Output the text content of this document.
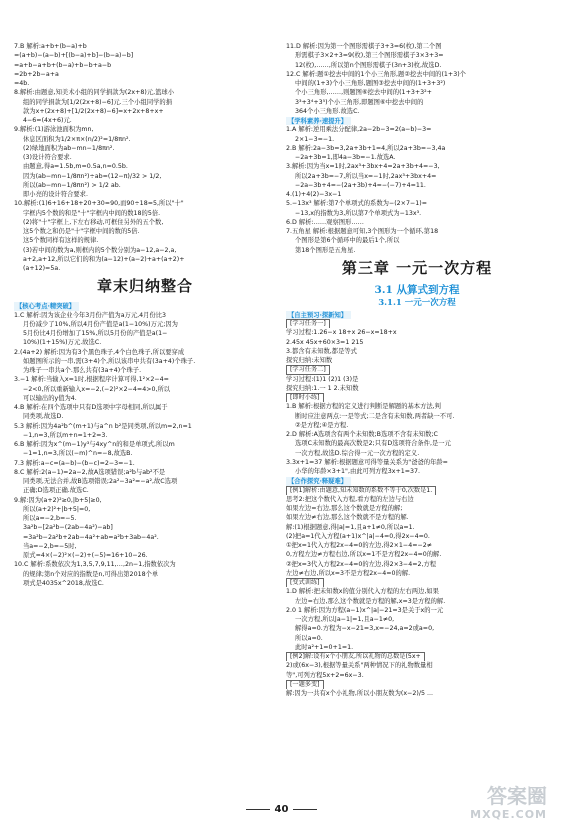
7.B 解析:a+b+(b−a)+b
=(a+b)−(a−b)+[(b−a)+b]−(b−a)−b]
=a+b−a+b+(b−a)+b−b+a−b
=2b+2b−a+a
=4b.
8.解析:由题意,知美术小组的同学捐款为(2x+8)元,篮球小
组的同学捐款为[1/2(2x+8)−6]元.三个小组同学的捐
款为x+(2x+8)+[1/2(2x+8)−6]=x+2x+8+x+
4−6=(4x+6)元.
9.解析:(1)游泳池面积为mn,
休息区面积为1/2×π×(n/2)²=1/8πn².
(2)绿地面积为ab−mn−1/8πn².
(3)设计符合要求.
由题意,得a=1.5b,m=0.5a,n=0.5b.
因为(ab−mn−1/8πn²)÷ab=(12−π)/32 > 1/2,
所以(ab−mn−1/8πn²) > 1/2 ab.
即小亮的设计符合要求.
10.解析:(1)6+16+18+20+30=90,而90÷18=5,所以"十"
字框内5个数的和是"十"字框内中间的数18的5倍.
(2)将"十"字框上,下左右移动,可框住另外的五个数,
这5个数之和仍是"十"字框中间的数的5倍.
这5个数同样有这样的规律.
(3)若中间的数为a,则框内的5个数分别为a−12,a−2,a,
a+2,a+12,所以它们的和为(a−12)+(a−2)+a+(a+2)+
(a+12)=5a.
章末归纳整合
【核心考点·精突破】
1.C 解析:因为该企业今年3月份产值为a万元,4月份比3
月份减少了10%,所以4月份产值是a(1−10%)万元;因为
5月份比4月份增加了15%,所以5月份的产值是a(1−
10%)(1+15%)万元.故选C.
2.(4a+2) 解析:因为有3个黑色珠子,4个白色珠子,所以要穿成
如题图所示的一串,需(3+4)个,所以该串中共有(3a+4)个珠子.
为珠子一串共a个.那么共有(3a+4)个珠子.
3.−1 解析:当输入x=1时,根据程序计算可得,1²×2−4=
−2<0,所以重新输入x=−2,(−2)²×2−4=4>0,所以
可以输出的y值为4.
4.B 解析:在四个选项中只有D选项中字母相同,所以属于
同类项,故选D.
5.3 解析:因为4a²b^(m+1)与a^n b²是同类项,所以m=2,n=1
−1,n=3,所以m+n=1+2=3.
6.B 解析:因为x^(m−1)y³与4xy^n的和是单项式,所以m
−1=1,n=3,所以(−m)^n=−8,故选B.
7.3 解析:a−c=(a−b)−(b−c)=2−3=−1.
8.C 解析:2(a−1)=2a−2,故A选项错误;a²b与ab²不是
同类项,无法合并,故B选项错误;2a²−3a²=−a²,故C选项
正确;D选项正确.故选C.
9.解:因为(a+2)²≥0,|b+5|≥0,
所以(a+2)²+|b+5|=0,
所以a=−2,b=−5.
3a²b−[2a²b−(2ab−4a²)−ab]
=3a²b−2a²b+2ab−4a²+ab=a²b+3ab−4a².
当a=−2,b=−5时,
原式=4×(−2)²×(−2)+(−5)=16+10−26.
10.C 解析:系数依次为1,3,5,7,9,11,…,2n−1,指数依次为
的规律;第n个对应的指数是n,可得出第2018个单
项式是4035x^2018,故选C.
11.D 解析:因为第一个图形需棋子3+3=6(枚),第二个图
形需棋子3×2+3=9(枚),第三个图形需棋子3×3+3=
12(枚),……,所以第n个图形需棋子(3n+3)枚,故选D.
12.C 解析:题①挖去中间的1个小三角形,题②挖去中间的(1+3)个
中间的(1+3)个小三角形,题图③挖去中间的(1+3+3²)
个小三角形,……,则题图⑥挖去中间的(1+3+3²+
3³+3⁴+3⁵)个小三角形,即题图⑥中挖去中间的
364个小三角形.故选C.
【学科素养·速提升】
1.A 解析:逆用乘法分配律,2a−2b−3=2(a−b)−3=
2×1−3=−1.
2.B 解析:2a−3b=3,2a+3b+1=4,所以2a+3b=−3,4a
−2a+3b=1,即4a−3b=−1.故选A.
3.解析:因为当x=1时,2ax³+3bx+4=2a+3b+4=−3,
所以2a+3b=−7,所以当x=−1时,2ax³+3bx+4=
−2a−3b+4=−(2a+3b)+4=−(−7)+4=11.
4.(1)+4(2)−3x−1
5.−13x³ 解析:第7个单项式的系数为−(2×7−1)=
−13,x的指数为3,所以第7个单项式为−13x³.
6.D 解析:……观察图形……
7.五角星 解析:根据题意可知,3个图形为一个循环,第18
个图形是第6个循环中的最后1个,所以
第18个图形是五角星.
第三章 一元一次方程
3.1 从算式到方程
3.1.1 一元一次方程
【自主预习·探新知】
[学习任务一]
学习过程:1.26−x 18+x 26−x=18+x
2.45x 45x+60×3=1 215
3.都含有未知数,都是等式
探究归纳:未知数
[学习任务二]
学习过程:(1)1 (2)1 (3)是
探究归纳:1.一 1 2.未知数
[即时小练]
1.B 解析:根据方程的定义进行判断是解题的基本方法,判
断时应注意两点:一是等式;二是含有未知数,两者缺一不可.
②是方程;④是方程.
2.D 解析:A选项含有两个未知数;B选项不含有未知数;C
选项C未知数的最高次数是2;只有D选项符合条件,是一元
一次方程,故选D.综合得一元一次方程的定义.
3.3x+1=37 解析:根据题意可得等量关系为"爸爸的年龄=
小华的年龄×3+1",由此可列方程3x+1=37.
【合作探究·释疑难】
[例1]解析:由题意,知未知数的系数不等于0,次数是1.
思考2:把这个数代入方程,看方程的左边与右边
如果左边=右边,那么这个数就是方程的解;
如果左边≠右边,那么这个数就不是方程的解.
解:(1)根据题意,得|a|=1,且a+1≠0,所以a=1.
(2)把a=1代入方程(a+1)x^|a|−4=0,得2x−4=0.
①把x=1代入方程2x−4=0的左边,得2×1−4=−2≠
0,方程左边≠方程右边,所以x=1不是方程2x−4=0的解.
②把x=3代入方程2x−4=0的左边,得2×3−4=2,方程
左边≠右边,所以x=3不是方程2x−4=0的解.
[变式训练]
1.D 解析:把未知数x的值分别代入方程的左右两边,如果
左边=右边,那么这个数就是方程的解,x=3是方程的解.
2.0 1 解析:因为方程(a−1)x^|a|−21=3是关于x的一元
一次方程,所以|a−1|=1,且a−1≠0,
解得a=0.方程为−x−21=3,x=−24,a=2或a=0,
所以a=0.
此时a²+1=0+1=1.
[例2]解:设有x个小朋友,所以礼物的总数是(5x+
2)或(6x−3),根据等量关系"两种情况下的礼物数量相
等",可列方程5x+2=6x−3.
[一题多变]
解:因为一共有x个小礼物,所以小朋友数为(x−2)/5 ...
40
答案圈
MXQE.COM
